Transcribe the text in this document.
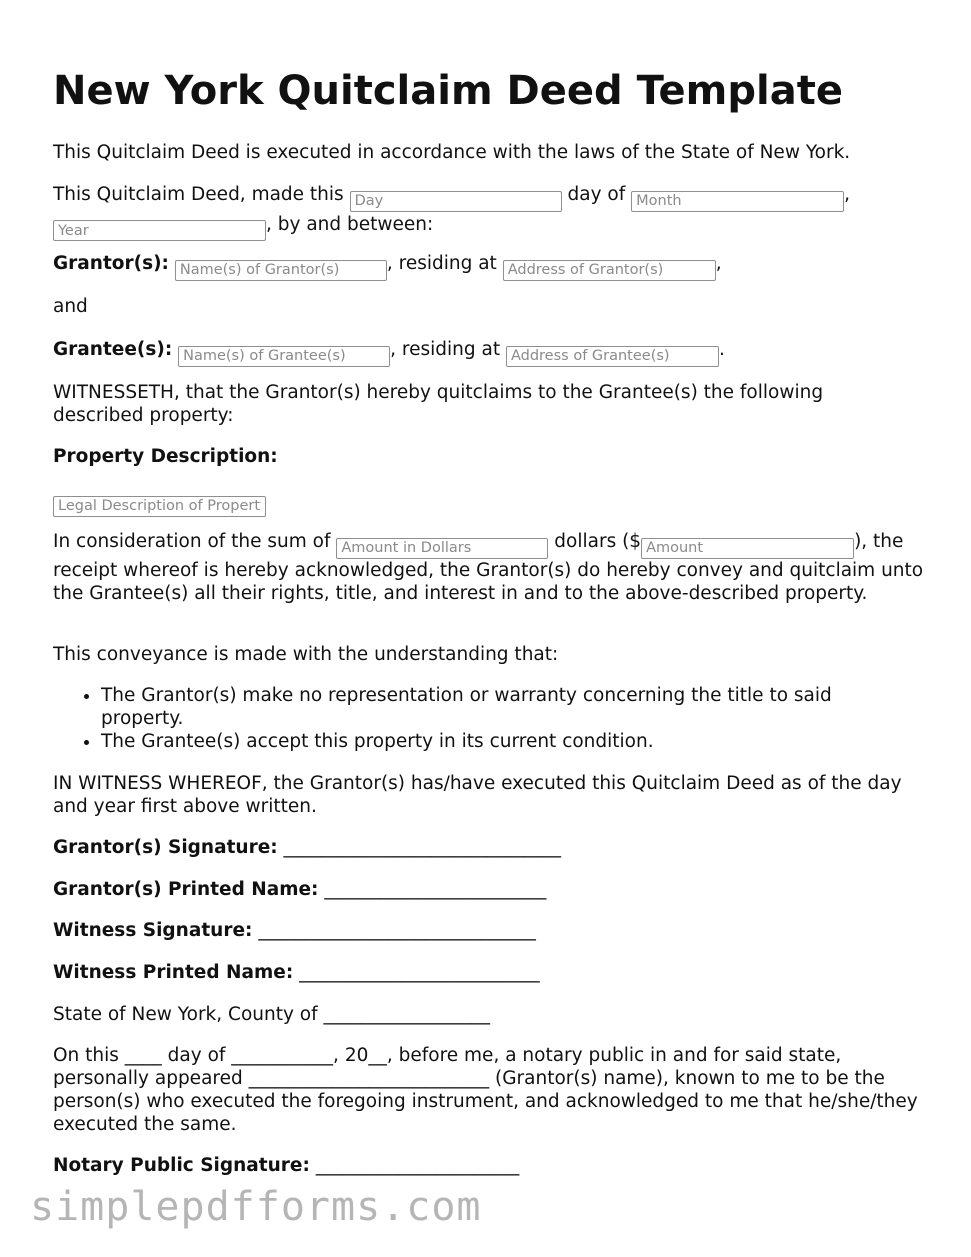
New York Quitclaim Deed Template
This Quitclaim Deed is executed in accordance with the laws of the State of New York.
This Quitclaim Deed, made this Day	day of Month	,
Year, by and between:
Grantor(s): Name(s) of Grantor(s)	, residing at Address of Grantor(s)	,
and
Grantee(s): Name(s) of Grantee(s)	, residing at Address of Grantee(s)	.
WITNESSETH, that the Grantor(s) hereby quitclaims to the Grantee(s) the following described property:
Property Description:
Legal Description of Property
In consideration of the sum of Amount in Dollars	dollars ($Amount	), the receipt whereof is hereby acknowledged, the Grantor(s) do hereby convey and quitclaim unto the Grantee(s) all their rights, title, and interest in and to the above-described property.
This conveyance is made with the understanding that:
• The Grantor(s) make no representation or warranty concerning the title to said property.
• The Grantee(s) accept this property in its current condition.
IN WITNESS WHEREOF, the Grantor(s) has/have executed this Quitclaim Deed as of the day and year first above written.
Grantor(s) Signature: ______________________________
Grantor(s) Printed Name: ________________________
Witness Signature: ______________________________
Witness Printed Name: __________________________
State of New York, County of __________________
On this ____ day of ___________, 20__, before me, a notary public in and for said state, personally appeared __________________________ (Grantor(s) name), known to me to be the person(s) who executed the foregoing instrument, and acknowledged to me that he/she/they executed the same.
Notary Public Signature: ______________________
simplepdfforms.com
